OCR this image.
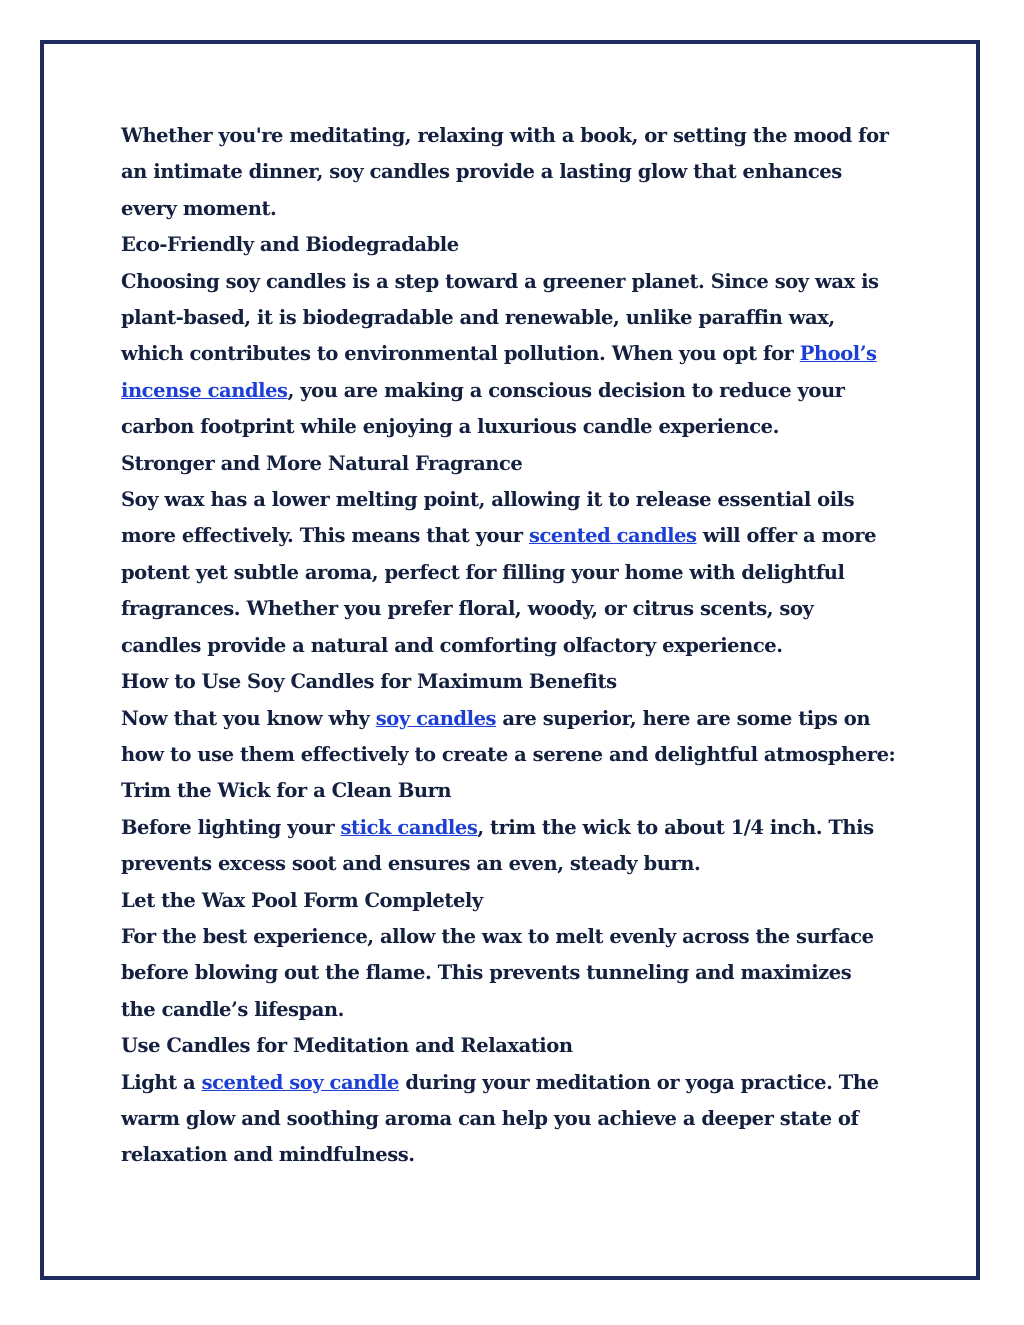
Whether you're meditating, relaxing with a book, or setting the mood for

an intimate dinner, soy candles provide a lasting glow that enhances

every moment.

Eco-Friendly and Biodegradable

Choosing soy candles is a step toward a greener planet. Since soy wax is

plant-based, it is biodegradable and renewable, unlike paraffin wax,

which contributes to environmental pollution. When you opt for Phool’s

incense candles, you are making a conscious decision to reduce your

carbon footprint while enjoying a luxurious candle experience.

Stronger and More Natural Fragrance

Soy wax has a lower melting point, allowing it to release essential oils

more effectively. This means that your scented candles will offer a more

potent yet subtle aroma, perfect for filling your home with delightful

fragrances. Whether you prefer floral, woody, or citrus scents, soy

candles provide a natural and comforting olfactory experience.

How to Use Soy Candles for Maximum Benefits

Now that you know why soy candles are superior, here are some tips on

how to use them effectively to create a serene and delightful atmosphere:

Trim the Wick for a Clean Burn

Before lighting your stick candles, trim the wick to about 1/4 inch. This

prevents excess soot and ensures an even, steady burn.

Let the Wax Pool Form Completely

For the best experience, allow the wax to melt evenly across the surface

before blowing out the flame. This prevents tunneling and maximizes

the candle’s lifespan.

Use Candles for Meditation and Relaxation

Light a scented soy candle during your meditation or yoga practice. The

warm glow and soothing aroma can help you achieve a deeper state of

relaxation and mindfulness.
